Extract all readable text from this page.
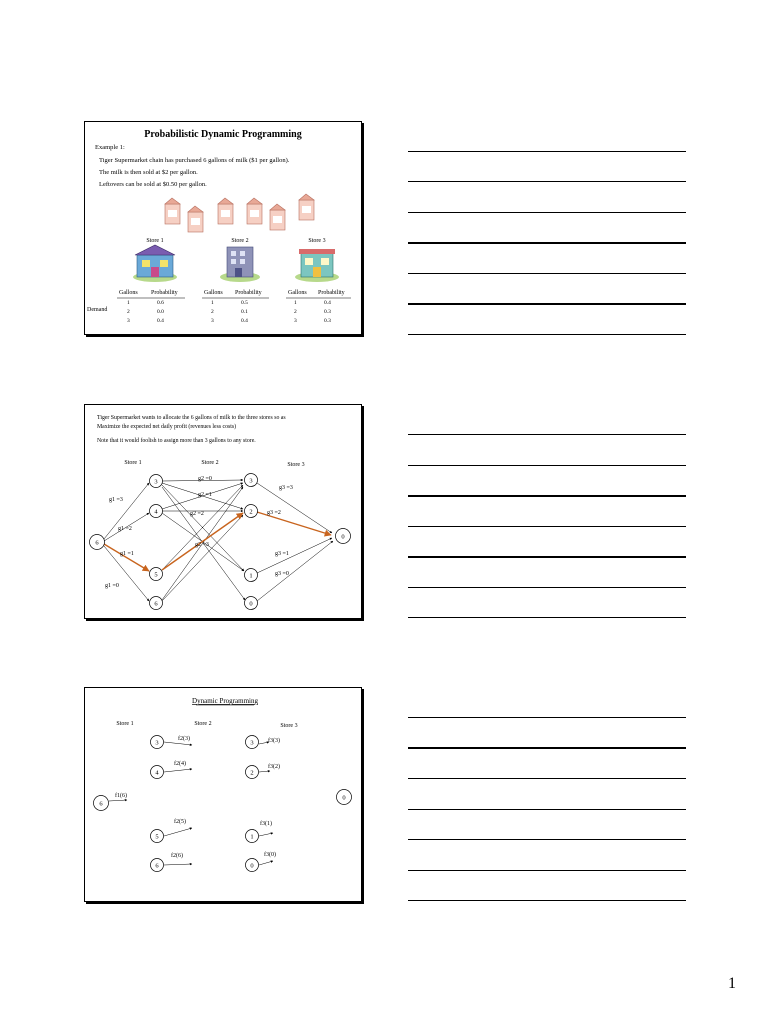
Probabilistic Dynamic Programming
Example 1:
Tiger Supermarket chain has purchased 6 gallons of milk ($1 per gallon).
The milk is then sold at $2 per gallon.
Leftovers can be sold at $0.50 per gallon.
Store 1	Store 2	Store 3
Gallons Probability	Gallons Probability	Gallons Probability
Demand
1	0.6
2	0.0
3	0.4
1	0.5
2	0.1
3	0.4
1	0.4
2	0.3
3	0.3
Tiger Supermarket wants to allocate the 6 gallons of milk to the three stores so as
Maximize the expected net daily profit (revenues less costs)
Note that it would foolish to assign more than 3 gallons to any store.
Store 1	Store 2	Store 3
6
3
4
5
6
3
2
1
0
0
g1 =3
g1 =2
g1 =1
g1 =0
g2 =0
g2 =1
g2 =2
g2 =3
g3 =3
g3 =2
g3 =1
g3 =0
Dynamic Programming
Store 1	Store 2	Store 3
6
3
4
5
6
3
2
1
0
0
f1(6)
f2(3)
f2(4)
f2(5)
f2(6)
f3(3)
f3(2)
f3(1)
f3(0)
1
